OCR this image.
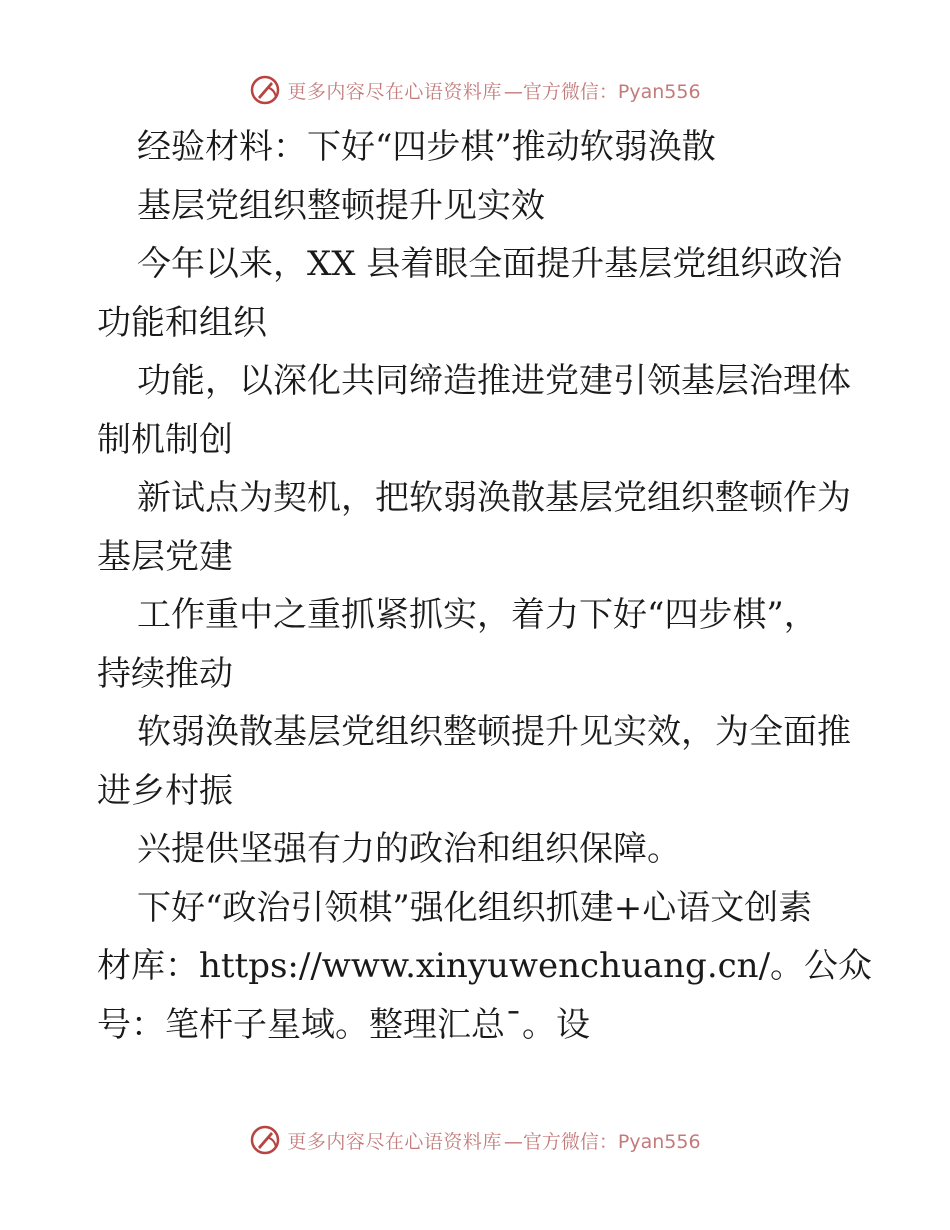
更多内容尽在心语资料库 —官方微信：Pyan556
经验材料：下好“四步棋”推动软弱涣散
基层党组织整顿提升见实效
今年以来，XX 县着眼全面提升基层党组织政治
功能和组织
功能，以深化共同缔造推进党建引领基层治理体
制机制创
新试点为契机，把软弱涣散基层党组织整顿作为
基层党建
工作重中之重抓紧抓实，着力下好“四步棋”，
持续推动
软弱涣散基层党组织整顿提升见实效，为全面推
进乡村振
兴提供坚强有力的政治和组织保障。
下好“政治引领棋”强化组织抓建+心语文创素
材库：https://www.xinyuwenchuang.cn/。公众
号：笔杆子星域。整理汇总¯。设
更多内容尽在心语资料库 —官方微信：Pyan556
